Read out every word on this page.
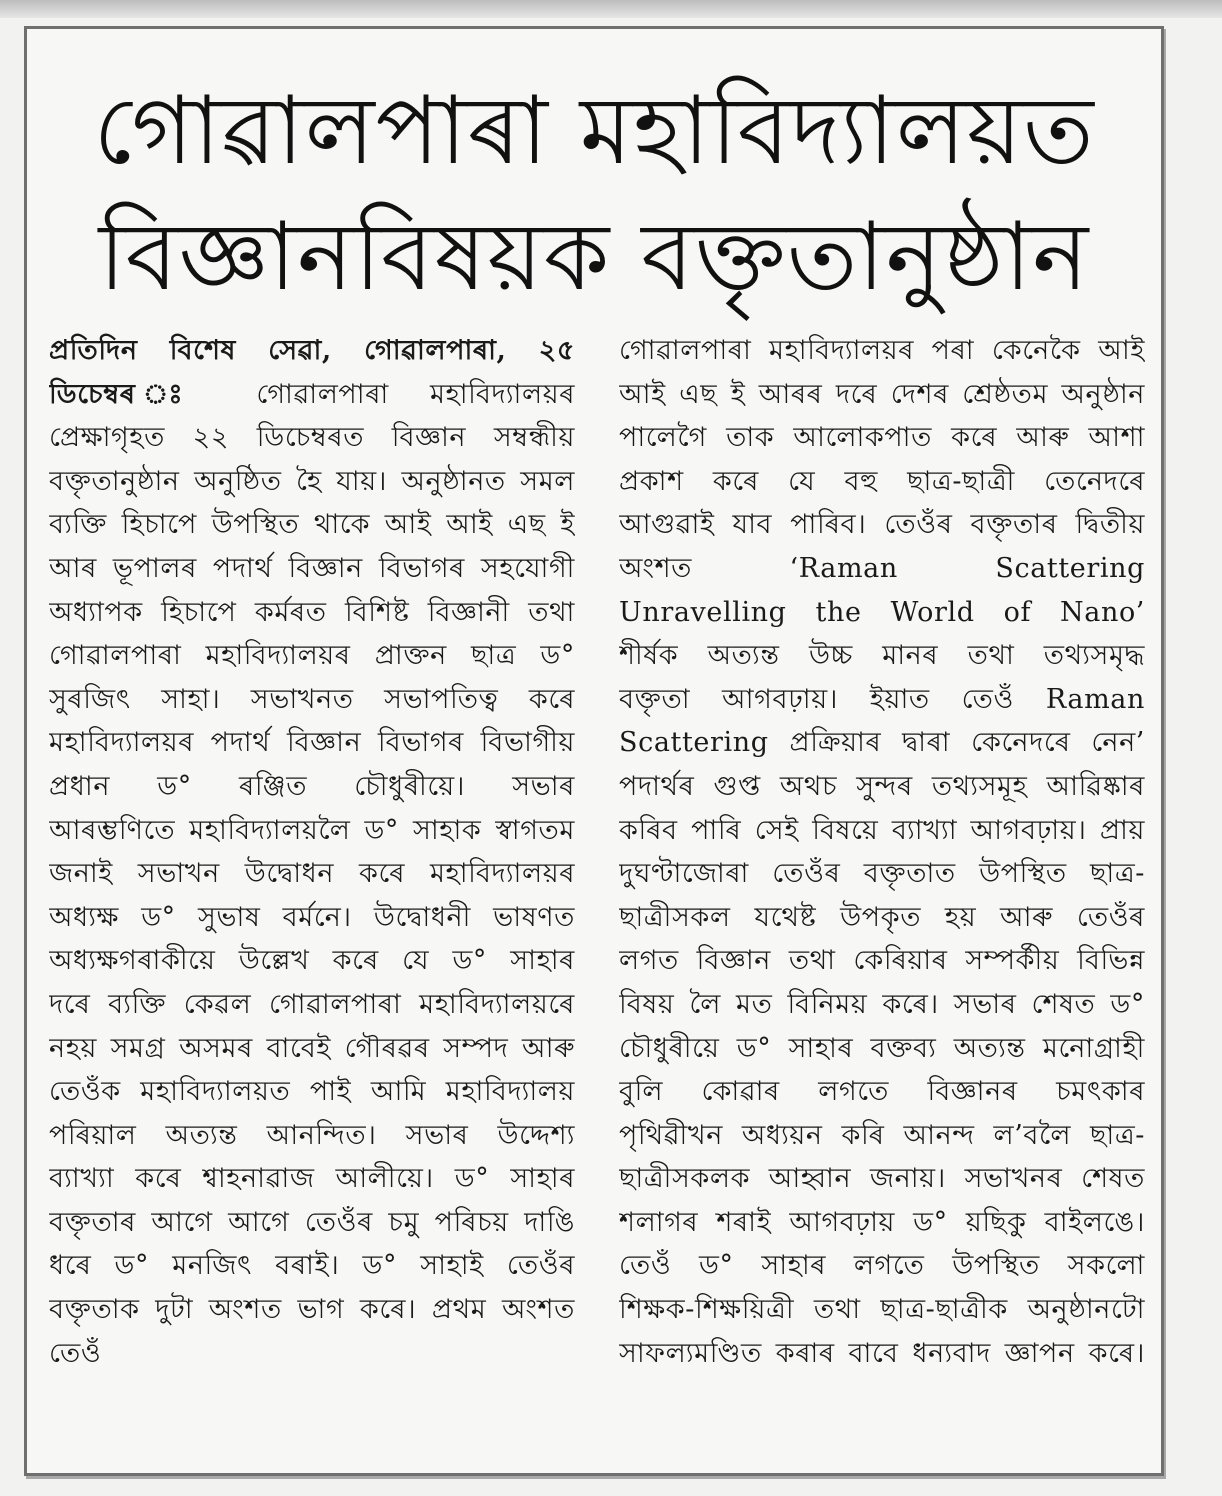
গোৱালপাৰা মহাবিদ্যালয়ত
বিজ্ঞানবিষয়ক বক্তৃতানুষ্ঠান

প্ৰতিদিন বিশেষ সেৱা, গোৱালপাৰা, ২৫ ডিচেম্বৰ ঃ গোৱালপাৰা মহাবিদ্যালয়ৰ প্ৰেক্ষাগৃহত ২২ ডিচেম্বৰত বিজ্ঞান সম্বন্ধীয় বক্তৃতানুষ্ঠান অনুষ্ঠিত হৈ যায়। অনুষ্ঠানত সমল ব্যক্তি হিচাপে উপস্থিত থাকে আই আই এছ ই আৰ ভূপালৰ পদাৰ্থ বিজ্ঞান বিভাগৰ সহযোগী অধ্যাপক হিচাপে কৰ্মৰত বিশিষ্ট বিজ্ঞানী তথা গোৱালপাৰা মহাবিদ্যালয়ৰ প্ৰাক্তন ছাত্ৰ ড° সুৰজিৎ সাহা। সভাখনত সভাপতিত্ব কৰে মহাবিদ্যালয়ৰ পদাৰ্থ বিজ্ঞান বিভাগৰ বিভাগীয় প্ৰধান ড° ৰঞ্জিত চৌধুৰীয়ে। সভাৰ আৰম্ভণিতে মহাবিদ্যালয়লৈ ড° সাহাক স্বাগতম জনাই সভাখন উদ্বোধন কৰে মহাবিদ্যালয়ৰ অধ্যক্ষ ড° সুভাষ বৰ্মনে। উদ্বোধনী ভাষণত অধ্যক্ষগৰাকীয়ে উল্লেখ কৰে যে ড° সাহাৰ দৰে ব্যক্তি কেৱল গোৱালপাৰা মহাবিদ্যালয়ৰে নহয় সমগ্ৰ অসমৰ বাবেই গৌৰৱৰ সম্পদ আৰু তেওঁক মহাবিদ্যালয়ত পাই আমি মহাবিদ্যালয় পৰিয়াল অত্যন্ত আনন্দিত। সভাৰ উদ্দেশ্য ব্যাখ্যা কৰে শ্বাহনাৱাজ আলীয়ে। ড° সাহাৰ বক্তৃতাৰ আগে আগে তেওঁৰ চমু পৰিচয় দাঙি ধৰে ড° মনজিৎ বৰাই। ড° সাহাই তেওঁৰ বক্তৃতাক দুটা অংশত ভাগ কৰে। প্ৰথম অংশত তেওঁ

গোৱালপাৰা মহাবিদ্যালয়ৰ পৰা কেনেকৈ আই আই এছ ই আৰৰ দৰে দেশৰ শ্ৰেষ্ঠতম অনুষ্ঠান পালেগৈ তাক আলোকপাত কৰে আৰু আশা প্ৰকাশ কৰে যে বহু ছাত্ৰ-ছাত্ৰী তেনেদৰে আগুৱাই যাব পাৰিব। তেওঁৰ বক্তৃতাৰ দ্বিতীয় অংশত ‘Raman Scattering Unravelling the World of Nano’ শীৰ্ষক অত্যন্ত উচ্চ মানৰ তথা তথ্যসমৃদ্ধ বক্তৃতা আগবঢ়ায়। ইয়াত তেওঁ Raman Scattering প্ৰক্ৰিয়াৰ দ্বাৰা কেনেদৰে নেন’ পদাৰ্থৰ গুপ্ত অথচ সুন্দৰ তথ্যসমূহ আৱিষ্কাৰ কৰিব পাৰি সেই বিষয়ে ব্যাখ্যা আগবঢ়ায়। প্ৰায় দুঘণ্টাজোৰা তেওঁৰ বক্তৃতাত উপস্থিত ছাত্ৰ-ছাত্ৰীসকল যথেষ্ট উপকৃত হয় আৰু তেওঁৰ লগত বিজ্ঞান তথা কেৰিয়াৰ সম্পৰ্কীয় বিভিন্ন বিষয় লৈ মত বিনিময় কৰে। সভাৰ শেষত ড° চৌধুৰীয়ে ড° সাহাৰ বক্তব্য অত্যন্ত মনোগ্ৰাহী বুলি কোৱাৰ লগতে বিজ্ঞানৰ চমৎকাৰ পৃথিৱীখন অধ্যয়ন কৰি আনন্দ ল’বলৈ ছাত্ৰ-ছাত্ৰীসকলক আহ্বান জনায়। সভাখনৰ শেষত শলাগৰ শৰাই আগবঢ়ায় ড° য়ছিকু বাইলঙে। তেওঁ ড° সাহাৰ লগতে উপস্থিত সকলো শিক্ষক-শিক্ষয়িত্ৰী তথা ছাত্ৰ-ছাত্ৰীক অনুষ্ঠানটো সাফল্যমণ্ডিত কৰাৰ বাবে ধন্যবাদ জ্ঞাপন কৰে।
